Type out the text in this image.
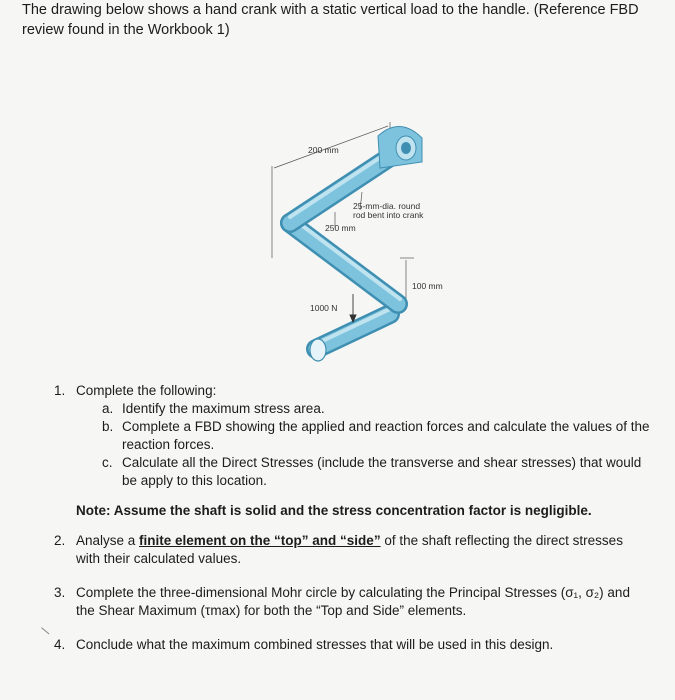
The drawing below shows a hand crank with a static vertical load to the handle. (Reference FBD
review found in the Workbook 1)
200 mm
250 mm
100 mm
25-mm-dia. round
rod bent into crank
1000 N
1. Complete the following:
a. Identify the maximum stress area.
b. Complete a FBD showing the applied and reaction forces and calculate the values of the reaction forces.
c. Calculate all the Direct Stresses (include the transverse and shear stresses) that would be apply to this location.
Note: Assume the shaft is solid and the stress concentration factor is negligible.
2. Analyse a finite element on the “top” and “side” of the shaft reflecting the direct stresses with their calculated values.
3. Complete the three-dimensional Mohr circle by calculating the Principal Stresses (σ₁, σ₂) and the Shear Maximum (τmax) for both the “Top and Side” elements.
4. Conclude what the maximum combined stresses that will be used in this design.
